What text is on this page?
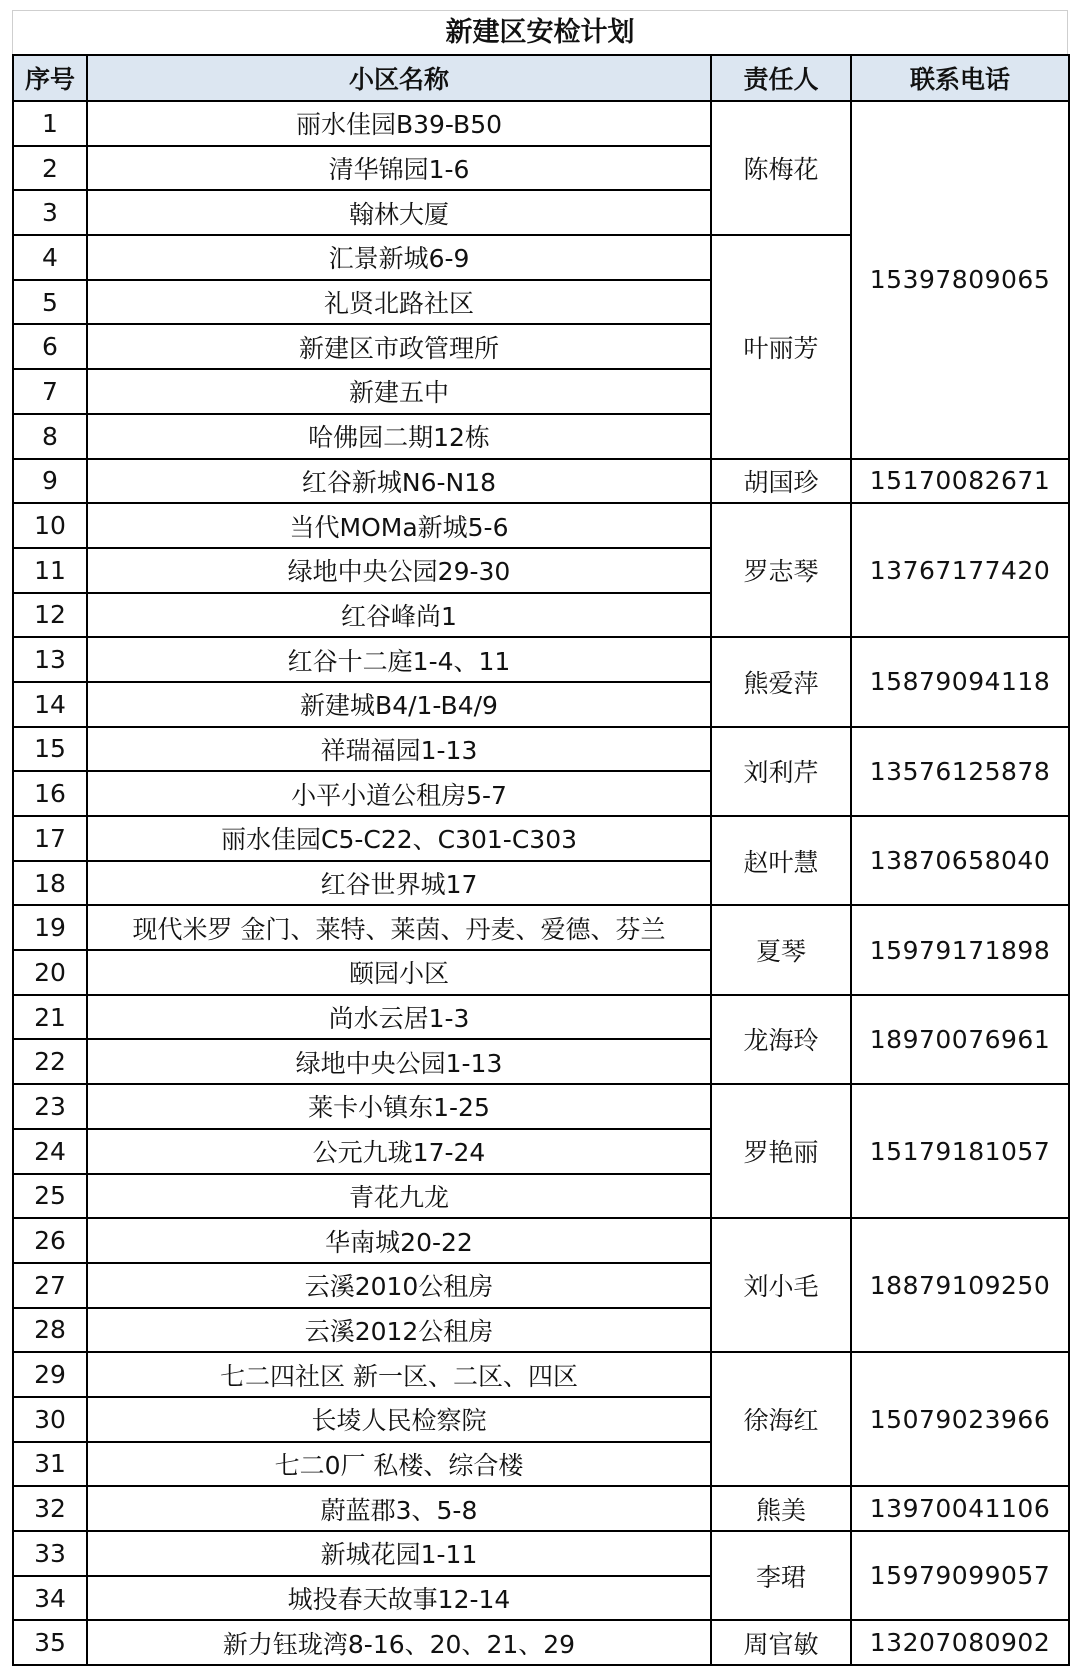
新建区安检计划
序号	小区名称	责任人	联系电话
1	丽水佳园B39-B50	陈梅花	15397809065
2	清华锦园1-6		
3	翰林大厦		
4	汇景新城6-9	叶丽芳	
5	礼贤北路社区		
6	新建区市政管理所		
7	新建五中		
8	哈佛园二期12栋		
9	红谷新城N6-N18	胡国珍	15170082671
10	当代MOMa新城5-6	罗志琴	13767177420
11	绿地中央公园29-30		
12	红谷峰尚1		
13	红谷十二庭1-4、11	熊爱萍	15879094118
14	新建城B4/1-B4/9		
15	祥瑞福园1-13	刘利芹	13576125878
16	小平小道公租房5-7		
17	丽水佳园C5-C22、C301-C303	赵叶慧	13870658040
18	红谷世界城17		
19	现代米罗 金门、莱特、莱茵、丹麦、爱德、芬兰	夏琴	15979171898
20	颐园小区		
21	尚水云居1-3	龙海玲	18970076961
22	绿地中央公园1-13		
23	莱卡小镇东1-25	罗艳丽	15179181057
24	公元九珑17-24		
25	青花九龙		
26	华南城20-22	刘小毛	18879109250
27	云溪2010公租房		
28	云溪2012公租房		
29	七二四社区 新一区、二区、四区	徐海红	15079023966
30	长堎人民检察院		
31	七二0厂 私楼、综合楼		
32	蔚蓝郡3、5-8	熊美	13970041106
33	新城花园1-11	李珺	15979099057
34	城投春天故事12-14		
35	新力钰珑湾8-16、20、21、29	周官敏	13207080902
